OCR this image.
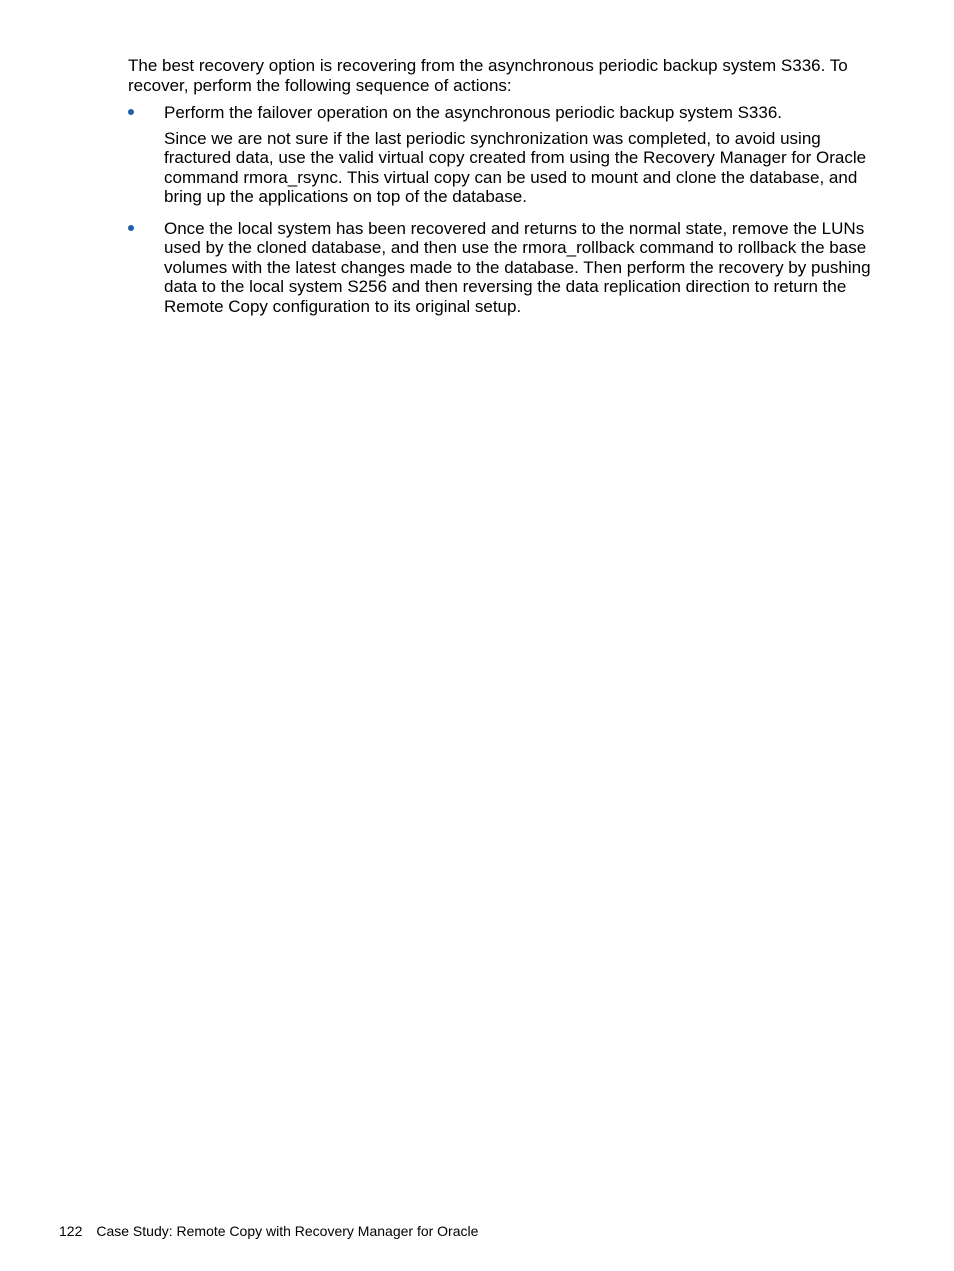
The best recovery option is recovering from the asynchronous periodic backup system S336. To recover, perform the following sequence of actions:

Perform the failover operation on the asynchronous periodic backup system S336.

Since we are not sure if the last periodic synchronization was completed, to avoid using fractured data, use the valid virtual copy created from using the Recovery Manager for Oracle command rmora_rsync. This virtual copy can be used to mount and clone the database, and bring up the applications on top of the database.

Once the local system has been recovered and returns to the normal state, remove the LUNs used by the cloned database, and then use the rmora_rollback command to rollback the base volumes with the latest changes made to the database. Then perform the recovery by pushing data to the local system S256 and then reversing the data replication direction to return the Remote Copy configuration to its original setup.

122 Case Study: Remote Copy with Recovery Manager for Oracle
